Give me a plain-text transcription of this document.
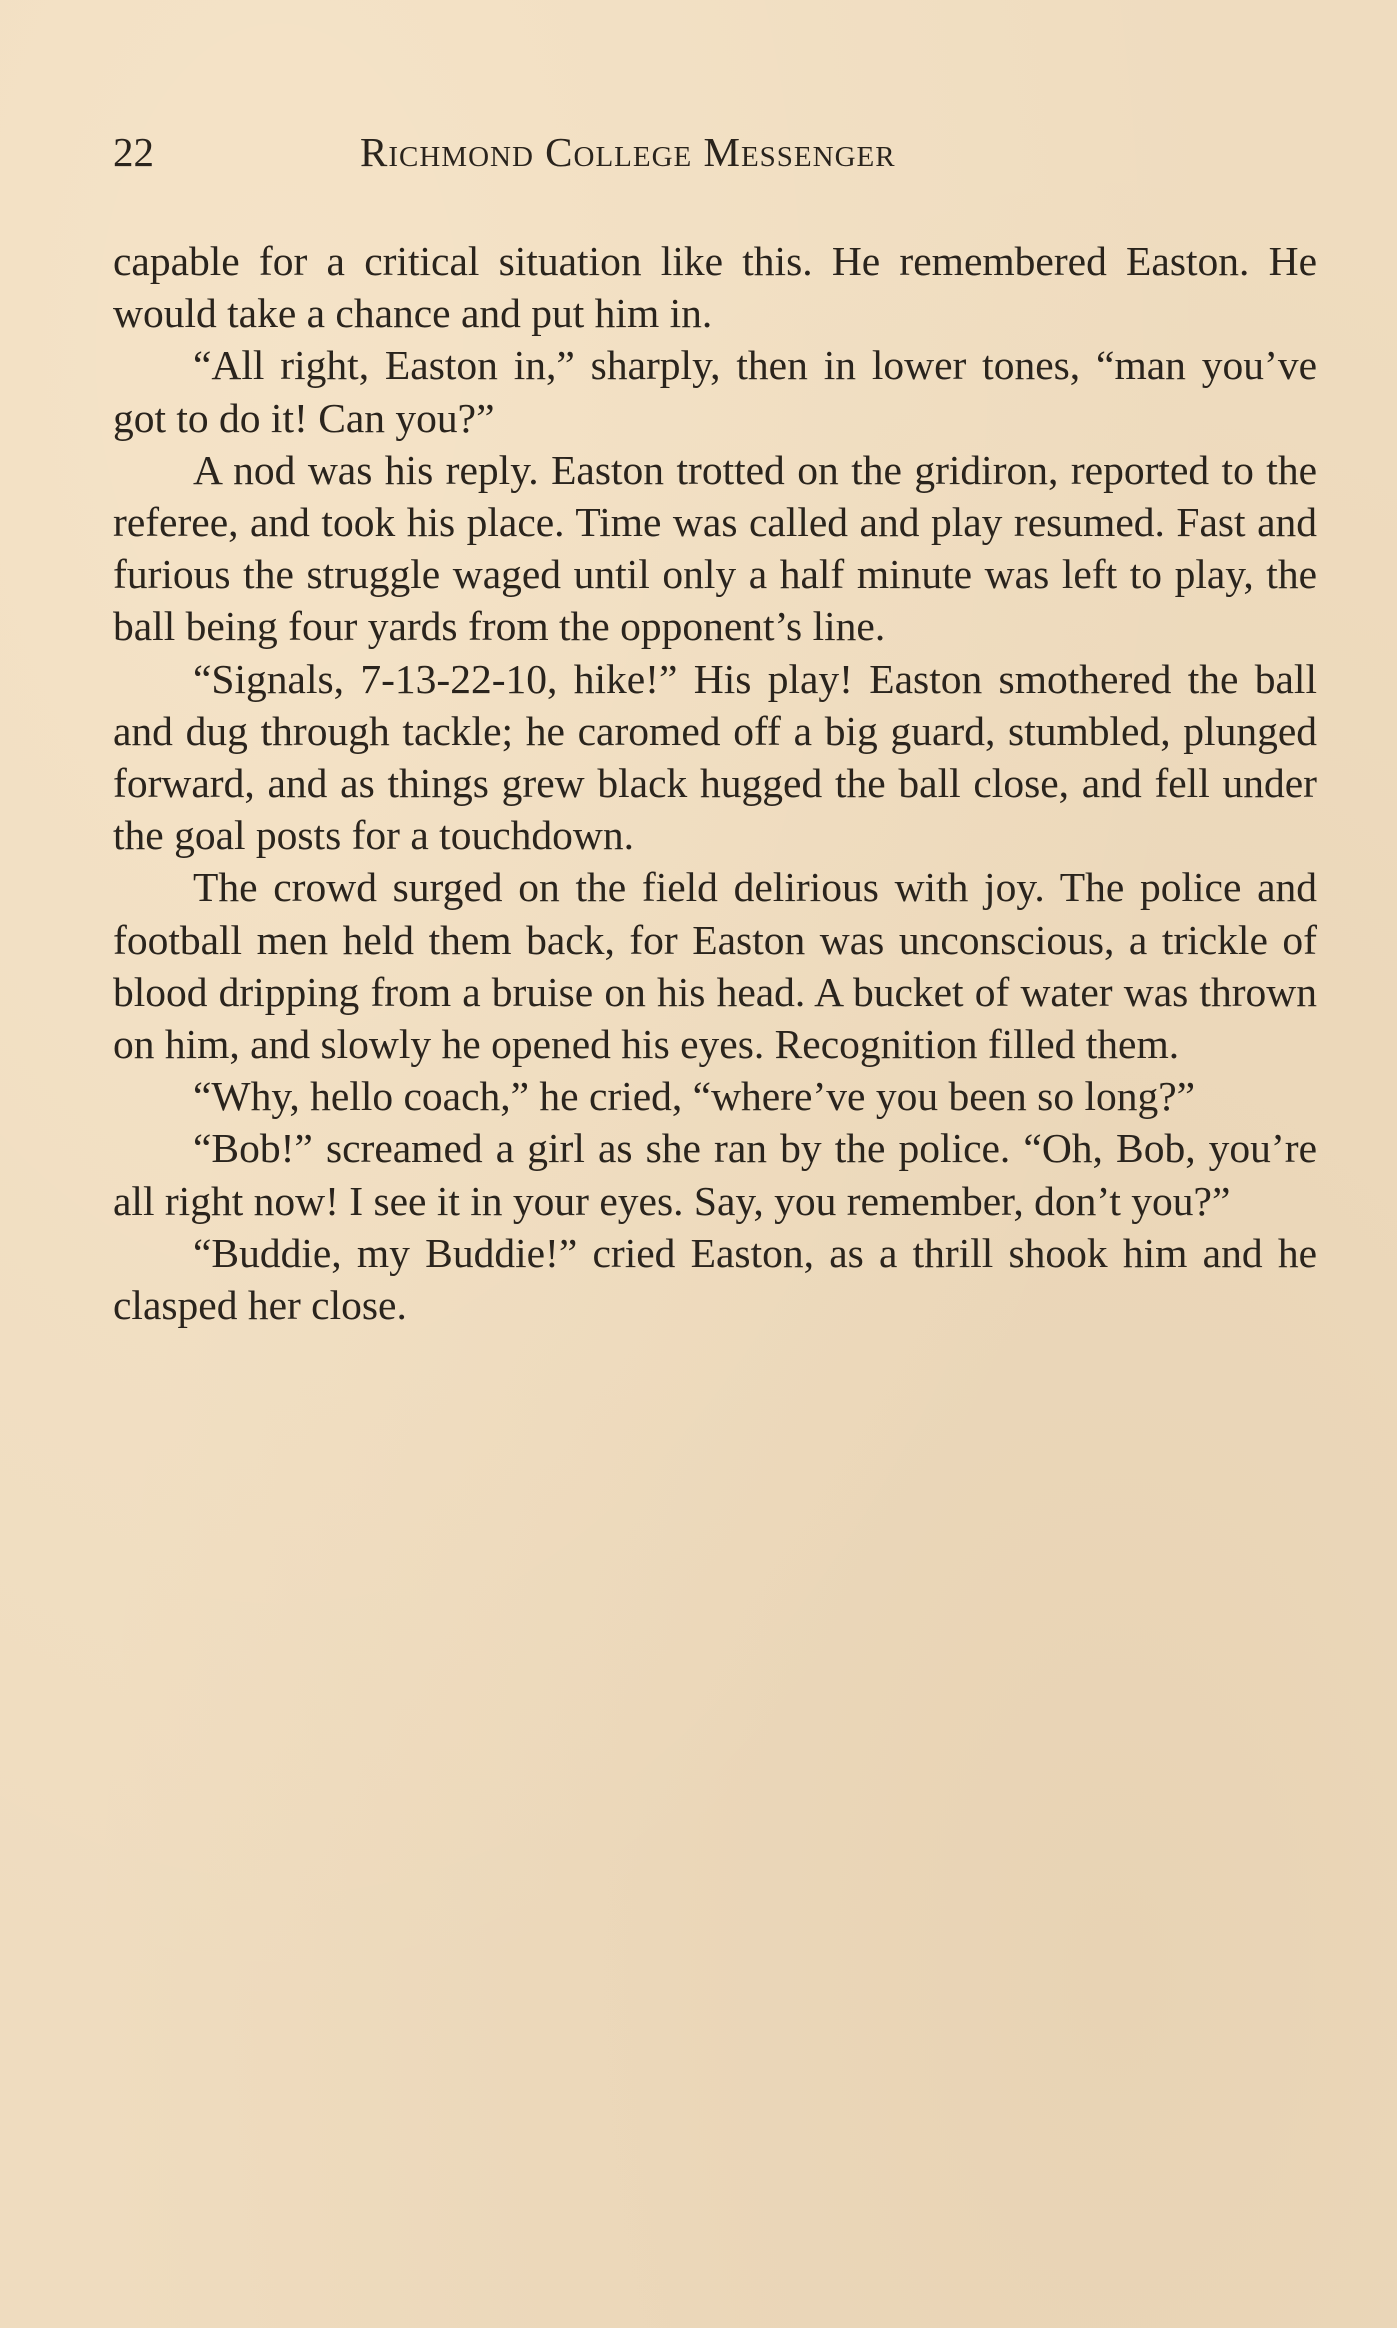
22	Richmond College Messenger

capable for a critical situation like this. He remembered Easton. He would take a chance and put him in.

“All right, Easton in,” sharply, then in lower tones, “man you’ve got to do it! Can you?”

A nod was his reply. Easton trotted on the gridiron, reported to the referee, and took his place. Time was called and play resumed. Fast and furious the struggle waged until only a half minute was left to play, the ball being four yards from the opponent’s line.

“Signals, 7-13-22-10, hike!” His play! Easton smothered the ball and dug through tackle; he caromed off a big guard, stumbled, plunged forward, and as things grew black hugged the ball close, and fell under the goal posts for a touchdown.

The crowd surged on the field delirious with joy. The police and football men held them back, for Easton was unconscious, a trickle of blood dripping from a bruise on his head. A bucket of water was thrown on him, and slowly he opened his eyes. Recognition filled them.

“Why, hello coach,” he cried, “where’ve you been so long?”

“Bob!” screamed a girl as she ran by the police. “Oh, Bob, you’re all right now! I see it in your eyes. Say, you remember, don’t you?”

“Buddie, my Buddie!” cried Easton, as a thrill shook him and he clasped her close.
